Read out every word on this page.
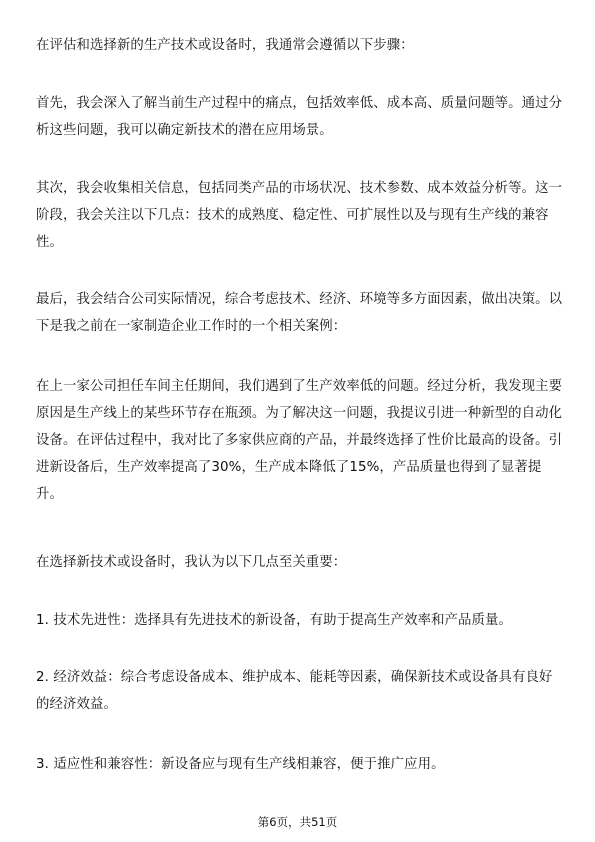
在评估和选择新的生产技术或设备时，我通常会遵循以下步骤：

首先，我会深入了解当前生产过程中的痛点，包括效率低、成本高、质量问题等。通过分析这些问题，我可以确定新技术的潜在应用场景。

其次，我会收集相关信息，包括同类产品的市场状况、技术参数、成本效益分析等。这一阶段，我会关注以下几点：技术的成熟度、稳定性、可扩展性以及与现有生产线的兼容性。

最后，我会结合公司实际情况，综合考虑技术、经济、环境等多方面因素，做出决策。以下是我之前在一家制造企业工作时的一个相关案例：

在上一家公司担任车间主任期间，我们遇到了生产效率低的问题。经过分析，我发现主要原因是生产线上的某些环节存在瓶颈。为了解决这一问题，我提议引进一种新型的自动化设备。在评估过程中，我对比了多家供应商的产品，并最终选择了性价比最高的设备。引进新设备后，生产效率提高了30%，生产成本降低了15%，产品质量也得到了显著提升。

在选择新技术或设备时，我认为以下几点至关重要：

1. 技术先进性：选择具有先进技术的新设备，有助于提高生产效率和产品质量。

2. 经济效益：综合考虑设备成本、维护成本、能耗等因素，确保新技术或设备具有良好的经济效益。

3. 适应性和兼容性：新设备应与现有生产线相兼容，便于推广应用。

第6页，共51页
